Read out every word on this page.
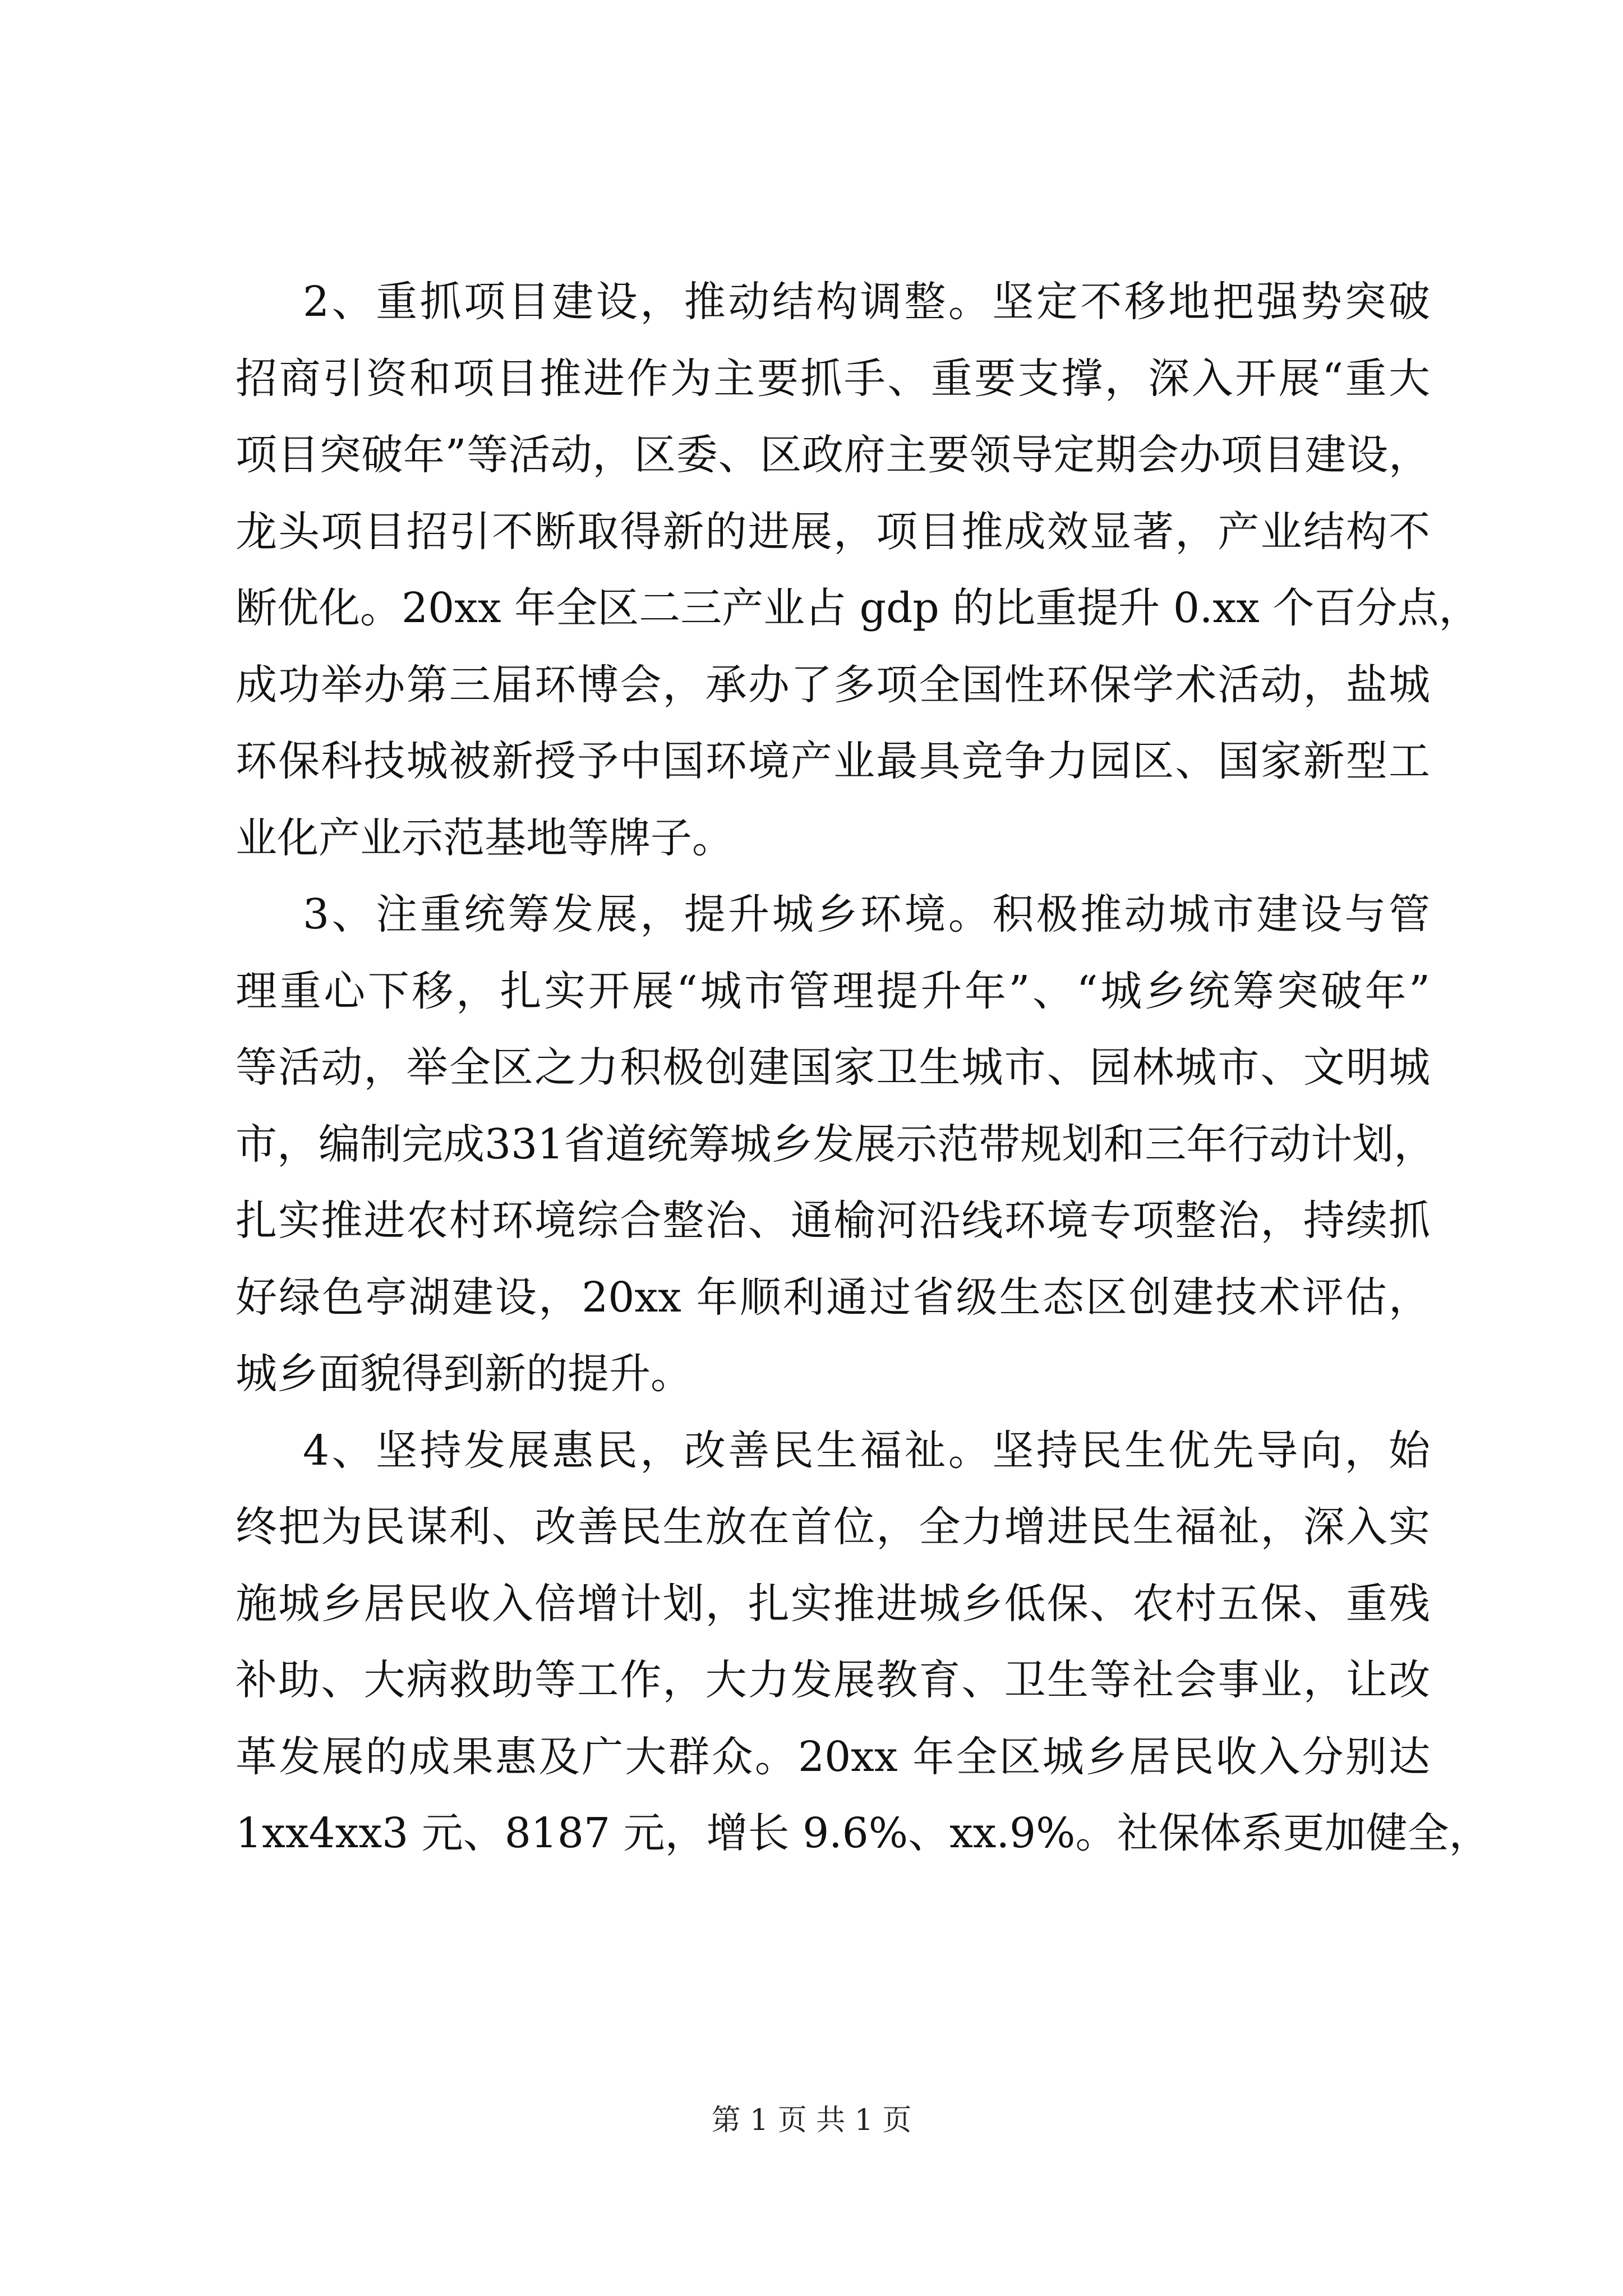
2、重抓项目建设，推动结构调整。坚定不移地把强势突破
招商引资和项目推进作为主要抓手、重要支撑，深入开展“重大
项目突破年”等活动，区委、区政府主要领导定期会办项目建设，
龙头项目招引不断取得新的进展，项目推成效显著，产业结构不
断优化。20xx 年全区二三产业占 gdp 的比重提升 0.xx 个百分点，
成功举办第三届环博会，承办了多项全国性环保学术活动，盐城
环保科技城被新授予中国环境产业最具竞争力园区、国家新型工
业化产业示范基地等牌子。
3、注重统筹发展，提升城乡环境。积极推动城市建设与管
理重心下移，扎实开展“城市管理提升年”、“城乡统筹突破年”
等活动，举全区之力积极创建国家卫生城市、园林城市、文明城
市，编制完成331省道统筹城乡发展示范带规划和三年行动计划，
扎实推进农村环境综合整治、通榆河沿线环境专项整治，持续抓
好绿色亭湖建设，20xx 年顺利通过省级生态区创建技术评估，
城乡面貌得到新的提升。
4、坚持发展惠民，改善民生福祉。坚持民生优先导向，始
终把为民谋利、改善民生放在首位，全力增进民生福祉，深入实
施城乡居民收入倍增计划，扎实推进城乡低保、农村五保、重残
补助、大病救助等工作，大力发展教育、卫生等社会事业，让改
革发展的成果惠及广大群众。20xx 年全区城乡居民收入分别达
1xx4xx3 元、8187 元，增长 9.6%、xx.9%。社保体系更加健全，
第 1 页 共 1 页
